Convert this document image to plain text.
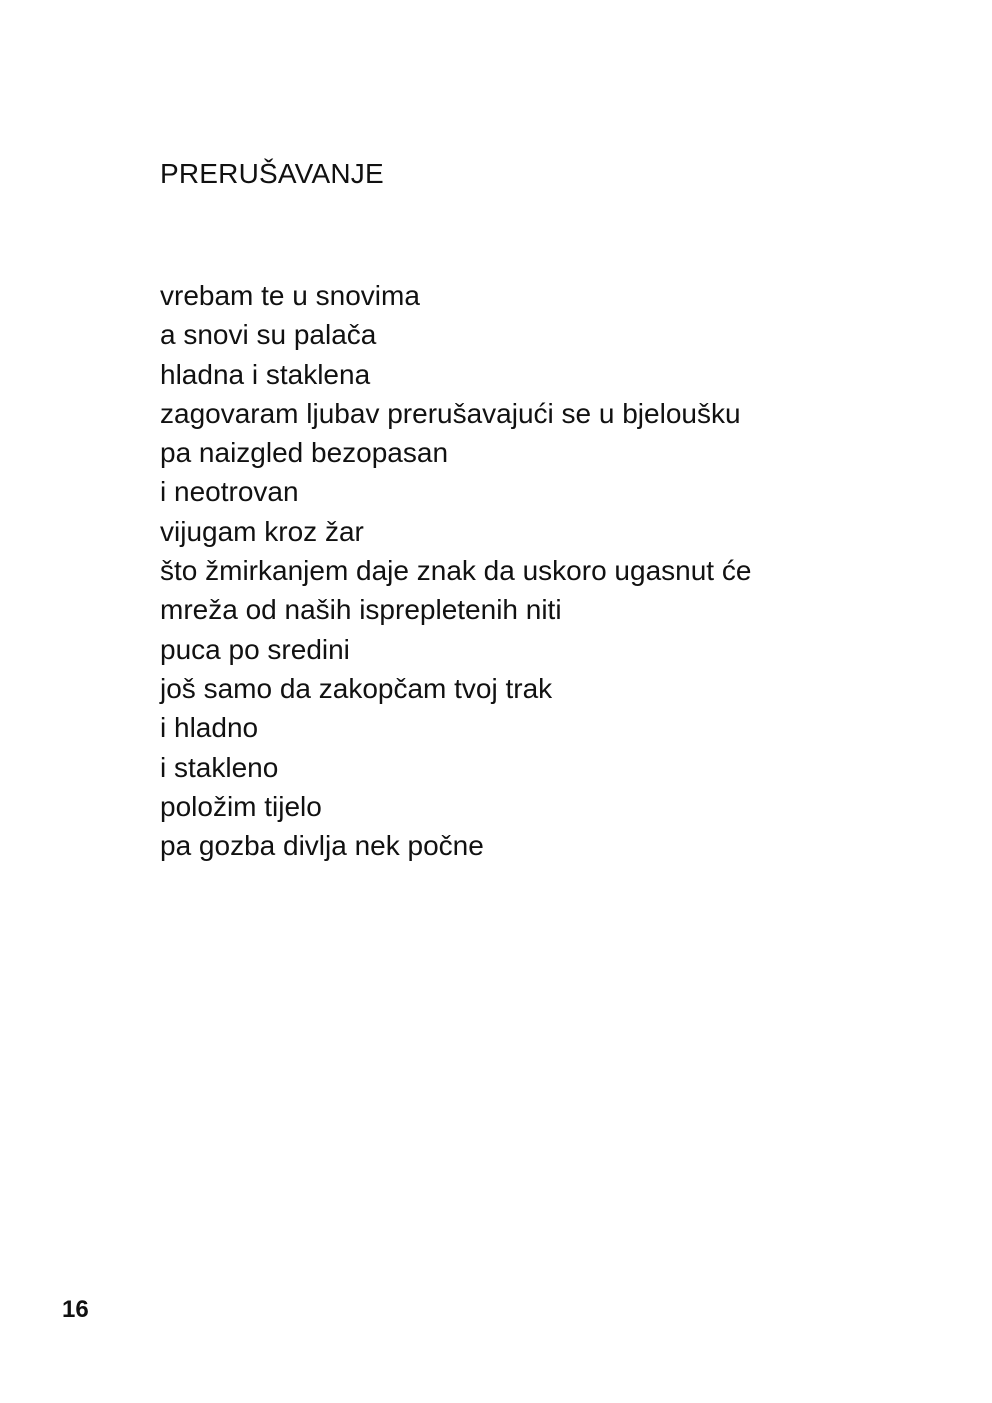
PRERUŠAVANJE
vrebam te u snovima
a snovi su palača
hladna i staklena
zagovaram ljubav prerušavajući se u bjeloušku
pa naizgled bezopasan
i neotrovan
vijugam kroz žar
što žmirkanjem daje znak da uskoro ugasnut će
mreža od naših isprepletenih niti
puca po sredini
još samo da zakopčam tvoj trak
i hladno
i stakleno
položim tijelo
pa gozba divlja nek počne
16
